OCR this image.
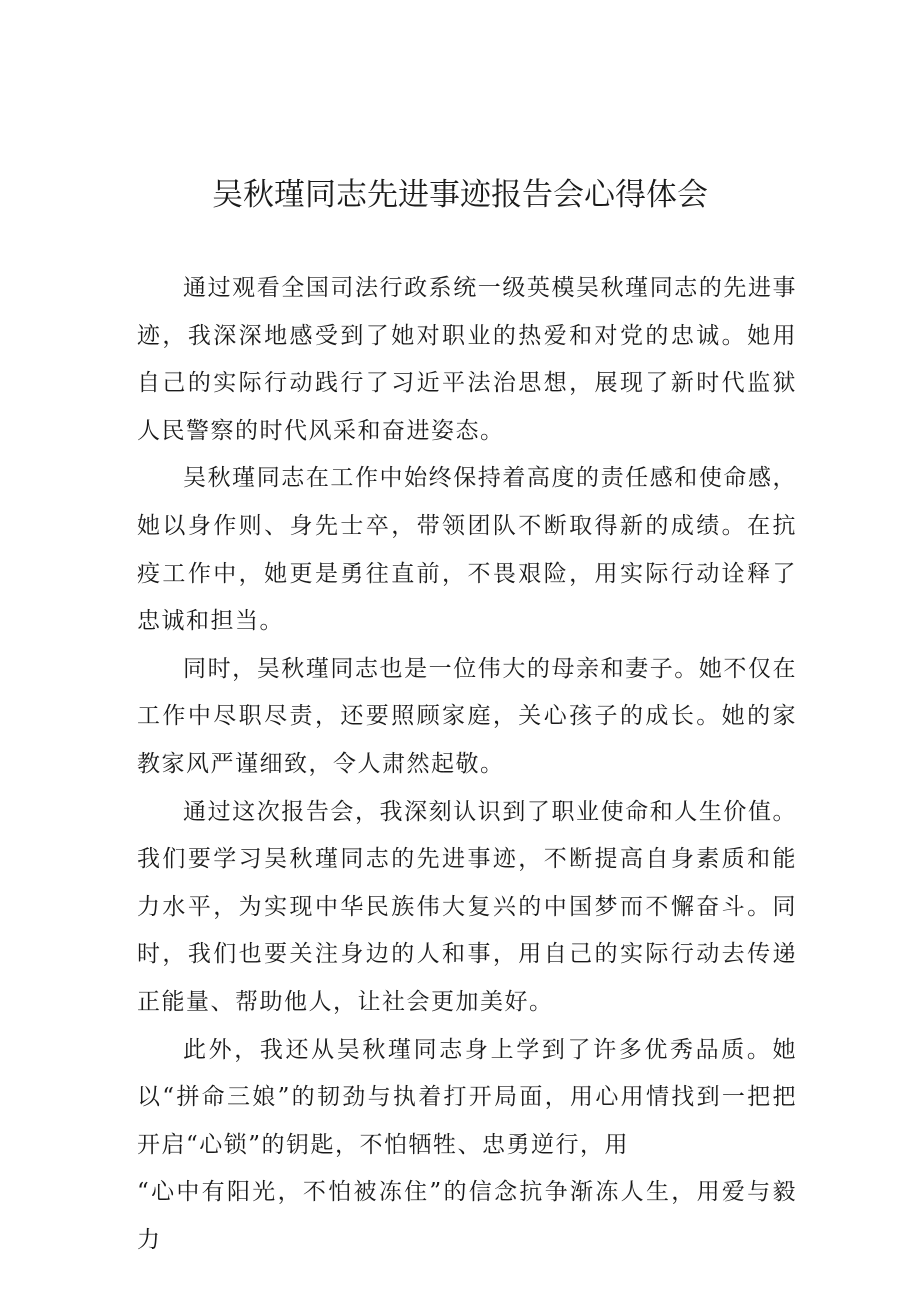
吴秋瑾同志先进事迹报告会心得体会

通过观看全国司法行政系统一级英模吴秋瑾同志的先进事迹，我深深地感受到了她对职业的热爱和对党的忠诚。她用自己的实际行动践行了习近平法治思想，展现了新时代监狱人民警察的时代风采和奋进姿态。

吴秋瑾同志在工作中始终保持着高度的责任感和使命感，她以身作则、身先士卒，带领团队不断取得新的成绩。在抗疫工作中，她更是勇往直前，不畏艰险，用实际行动诠释了忠诚和担当。

同时，吴秋瑾同志也是一位伟大的母亲和妻子。她不仅在工作中尽职尽责，还要照顾家庭，关心孩子的成长。她的家教家风严谨细致，令人肃然起敬。

通过这次报告会，我深刻认识到了职业使命和人生价值。我们要学习吴秋瑾同志的先进事迹，不断提高自身素质和能力水平，为实现中华民族伟大复兴的中国梦而不懈奋斗。同时，我们也要关注身边的人和事，用自己的实际行动去传递正能量、帮助他人，让社会更加美好。

此外，我还从吴秋瑾同志身上学到了许多优秀品质。她以“拼命三娘”的韧劲与执着打开局面，用心用情找到一把把开启“心锁”的钥匙，不怕牺牲、忠勇逆行，用

“心中有阳光，不怕被冻住”的信念抗争渐冻人生，用爱与毅力
